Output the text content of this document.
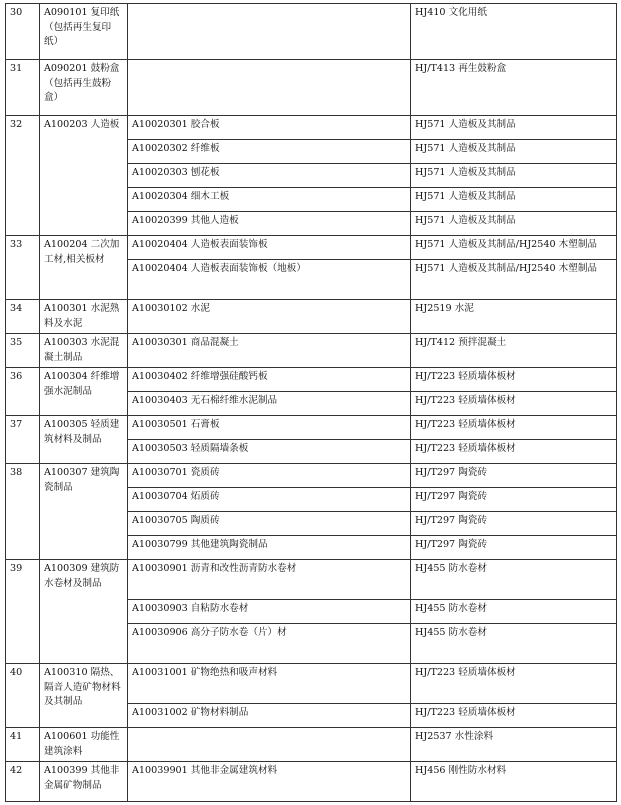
30	A090101 复印纸（包括再生复印纸）		HJ410 文化用纸
31	A090201 鼓粉盒（包括再生鼓粉盒）		HJ/T413 再生鼓粉盒
32	A100203 人造板	A10020301 胶合板	HJ571 人造板及其制品
		A10020302 纤维板	HJ571 人造板及其制品
		A10020303 刨花板	HJ571 人造板及其制品
		A10020304 细木工板	HJ571 人造板及其制品
		A10020399 其他人造板	HJ571 人造板及其制品
33	A100204 二次加工材,相关板材	A10020404 人造板表面装饰板	HJ571 人造板及其制品/HJ2540 木塑制品
		A10020404 人造板表面装饰板（地板）	HJ571 人造板及其制品/HJ2540 木塑制品
34	A100301 水泥熟料及水泥	A10030102 水泥	HJ2519 水泥
35	A100303 水泥混凝土制品	A10030301 商品混凝土	HJ/T412 预拌混凝土
36	A100304 纤维增强水泥制品	A10030402 纤维增强硅酸钙板	HJ/T223 轻质墙体板材
		A10030403 无石棉纤维水泥制品	HJ/T223 轻质墙体板材
37	A100305 轻质建筑材料及制品	A10030501 石膏板	HJ/T223 轻质墙体板材
		A10030503 轻质隔墙条板	HJ/T223 轻质墙体板材
38	A100307 建筑陶瓷制品	A10030701 瓷质砖	HJ/T297 陶瓷砖
		A10030704 炻质砖	HJ/T297 陶瓷砖
		A10030705 陶质砖	HJ/T297 陶瓷砖
		A10030799 其他建筑陶瓷制品	HJ/T297 陶瓷砖
39	A100309 建筑防水卷材及制品	A10030901 沥青和改性沥青防水卷材	HJ455 防水卷材
		A10030903 自粘防水卷材	HJ455 防水卷材
		A10030906 高分子防水卷（片）材	HJ455 防水卷材
40	A100310 隔热、隔音人造矿物材料及其制品	A10031001 矿物绝热和吸声材料	HJ/T223 轻质墙体板材
		A10031002 矿物材料制品	HJ/T223 轻质墙体板材
41	A100601 功能性建筑涂料		HJ2537 水性涂料
42	A100399 其他非金属矿物制品	A10039901 其他非金属建筑材料	HJ456 刚性防水材料
